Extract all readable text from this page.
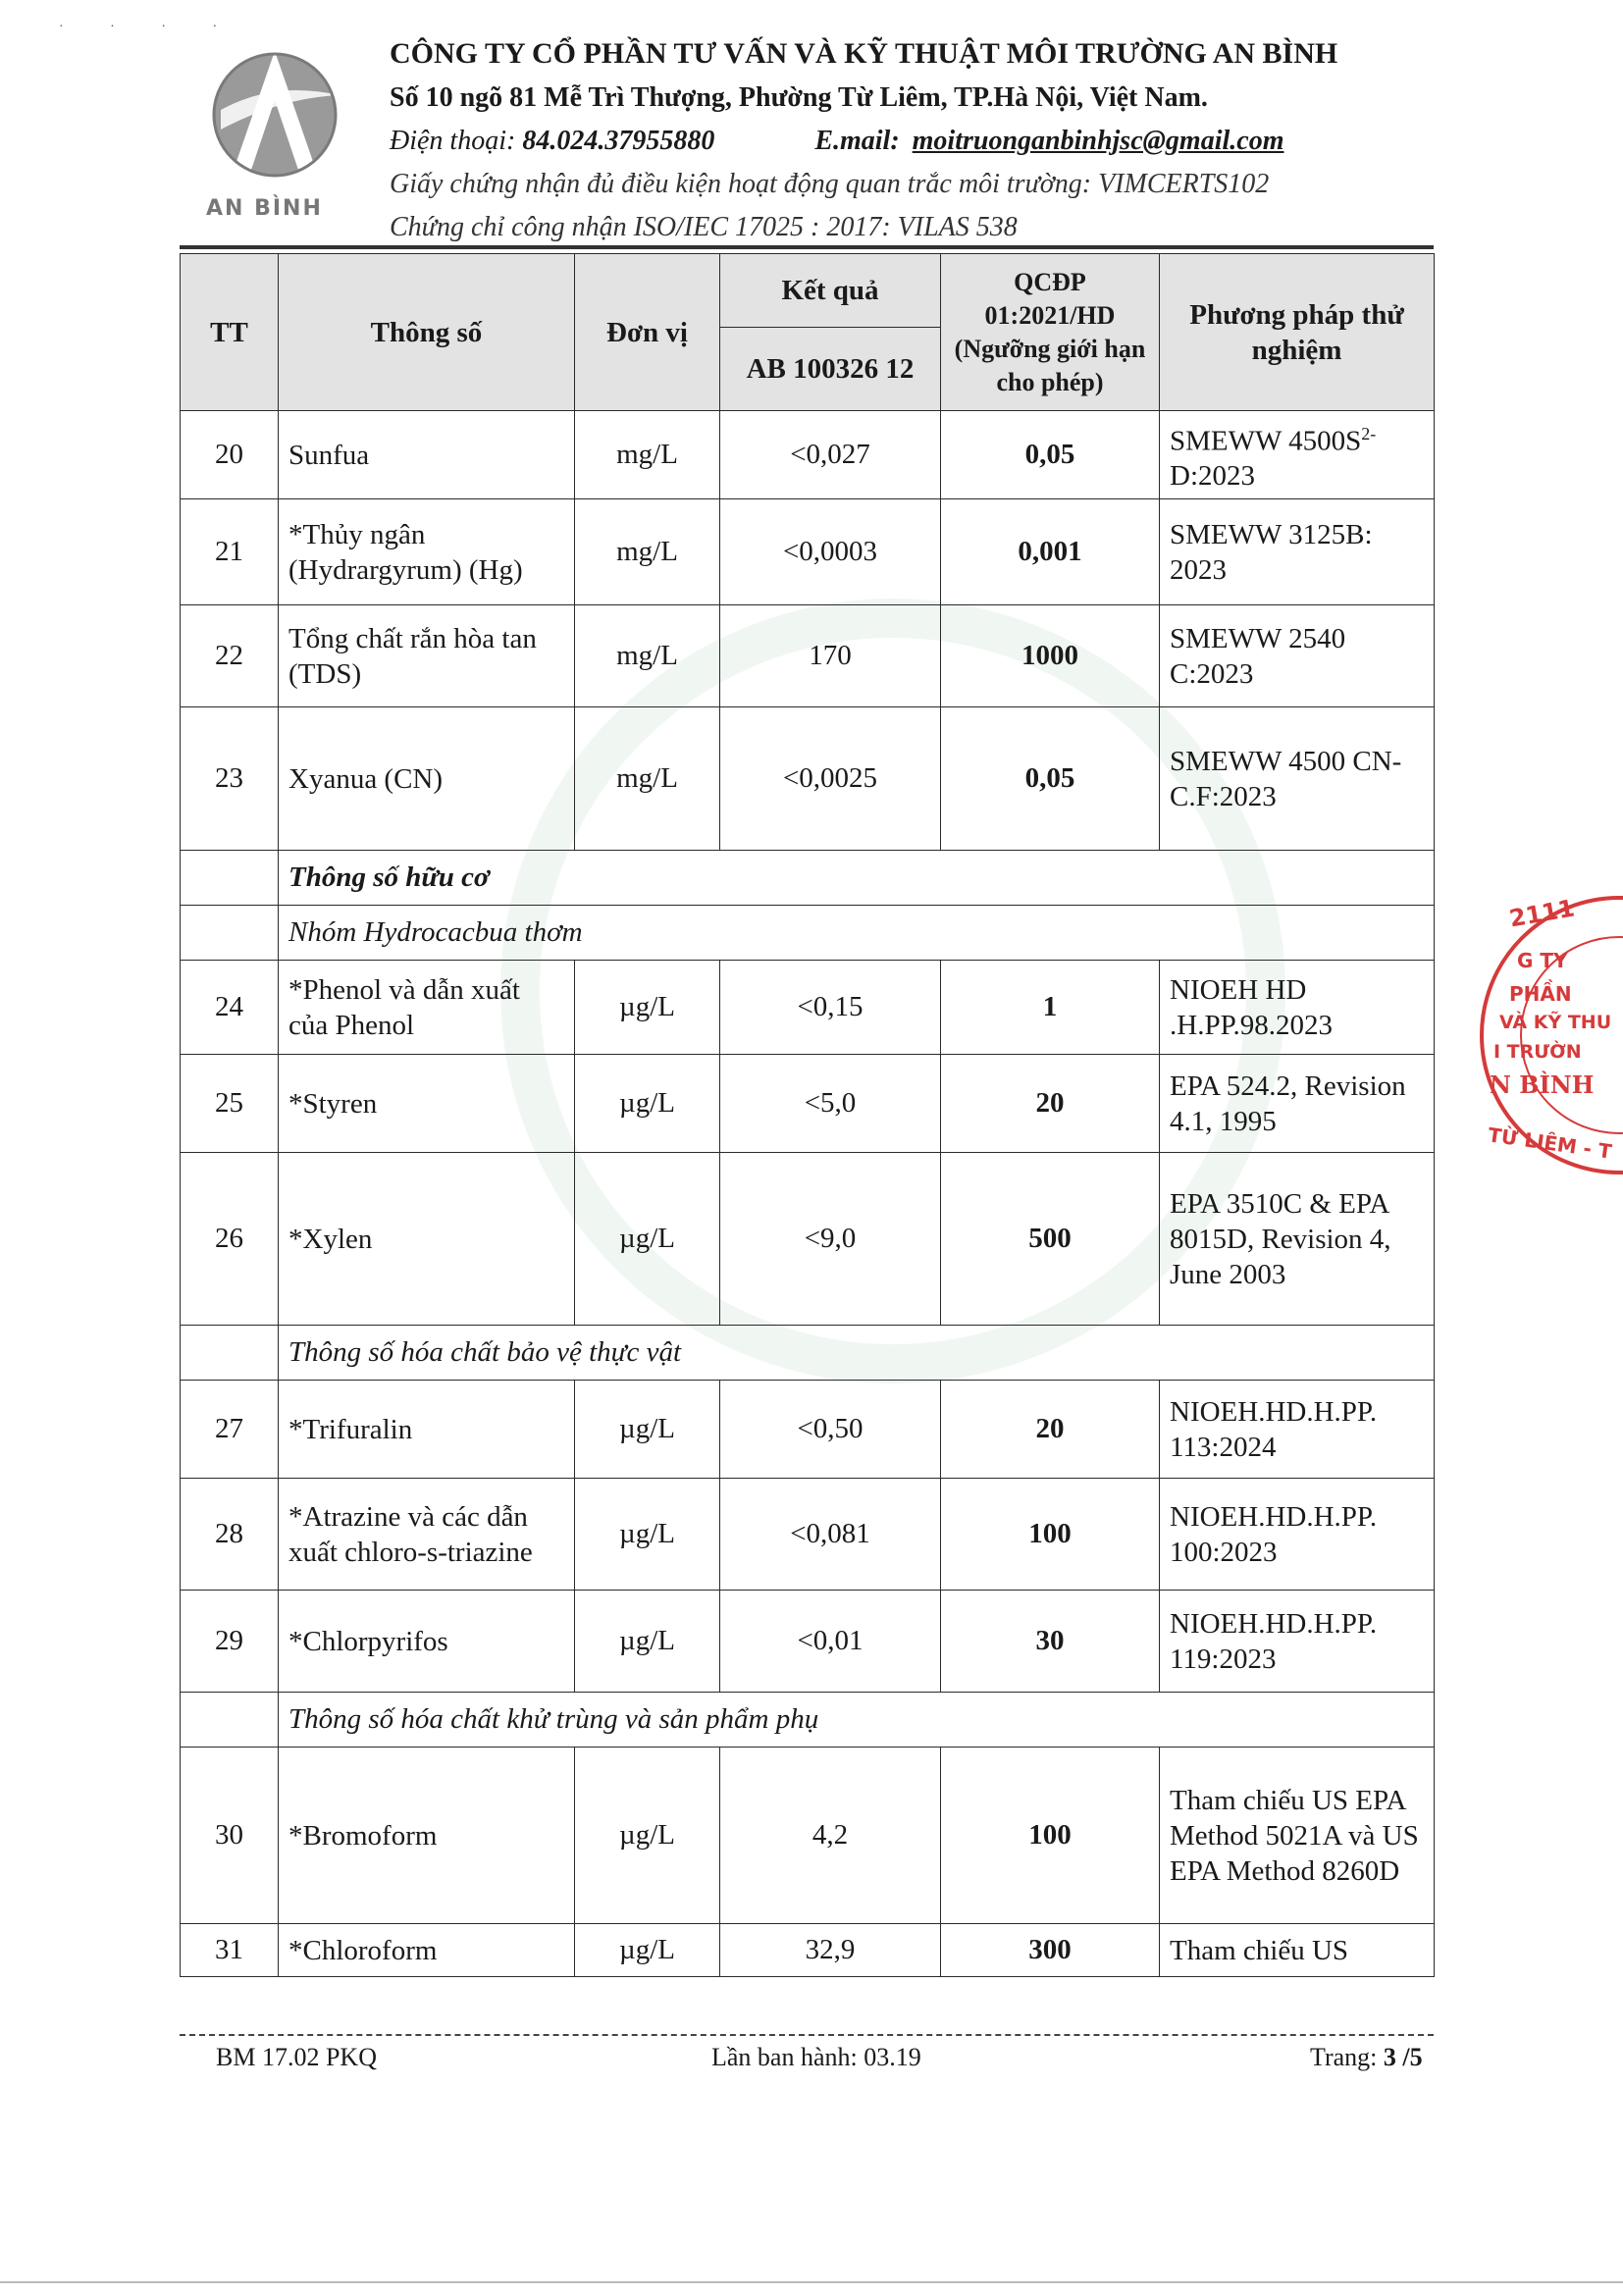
· · · ·
AN BÌNH
CÔNG TY CỔ PHẦN TƯ VẤN VÀ KỸ THUẬT MÔI TRƯỜNG AN BÌNH
Số 10 ngõ 81 Mễ Trì Thượng, Phường Từ Liêm, TP.Hà Nội, Việt Nam.
Điện thoại: 84.024.37955880	E.mail: moitruonganbinhjsc@gmail.com
Giấy chứng nhận đủ điều kiện hoạt động quan trắc môi trường: VIMCERTS102
Chứng chỉ công nhận ISO/IEC 17025 : 2017: VILAS 538
TT	Thông số	Đơn vị	Kết quả	QCĐP 01:2021/HD (Ngưỡng giới hạn cho phép)	Phương pháp thử nghiệm
			AB 100326 12		
20	Sunfua	mg/L	<0,027	0,05	SMEWW $4500S^{2-}$ D:2023
21	*Thủy ngân (Hydrargyrum) (Hg)	mg/L	<0,0003	0,001	SMEWW 3125B: 2023
22	Tổng chất rắn hòa tan (TDS)	mg/L	170	1000	SMEWW 2540 C:2023
23	Xyanua (CN)	mg/L	<0,0025	0,05	SMEWW 4500 CN- C.F:2023
	Thông số hữu cơ				
	Nhóm Hydrocacbua thơm				
24	*Phenol và dẫn xuất của Phenol	µg/L	<0,15	1	NIOEH HD .H.PP.98.2023
25	*Styren	µg/L	<5,0	20	EPA 524.2, Revision 4.1, 1995
26	*Xylen	µg/L	<9,0	500	EPA 3510C & EPA 8015D, Revision 4, June 2003
	Thông số hóa chất bảo vệ thực vật				
27	*Trifuralin	µg/L	<0,50	20	NIOEH.HD.H.PP. 113:2024
28	*Atrazine và các dẫn xuất chloro-s-triazine	µg/L	<0,081	100	NIOEH.HD.H.PP. 100:2023
29	*Chlorpyrifos	µg/L	<0,01	30	NIOEH.HD.H.PP. 119:2023
	Thông số hóa chất khử trùng và sản phẩm phụ				
30	*Bromoform	µg/L	4,2	100	Tham chiếu US EPA Method 5021A và US EPA Method 8260D
31	*Chloroform	µg/L	32,9	300	Tham chiếu US
2111
G TY
PHẦN
VÀ KỸ THU
I TRƯỜN
N BÌNH
TỪ LIÊM - T
BM 17.02 PKQ	Lần ban hành: 03.19	Trang: 3 /5
